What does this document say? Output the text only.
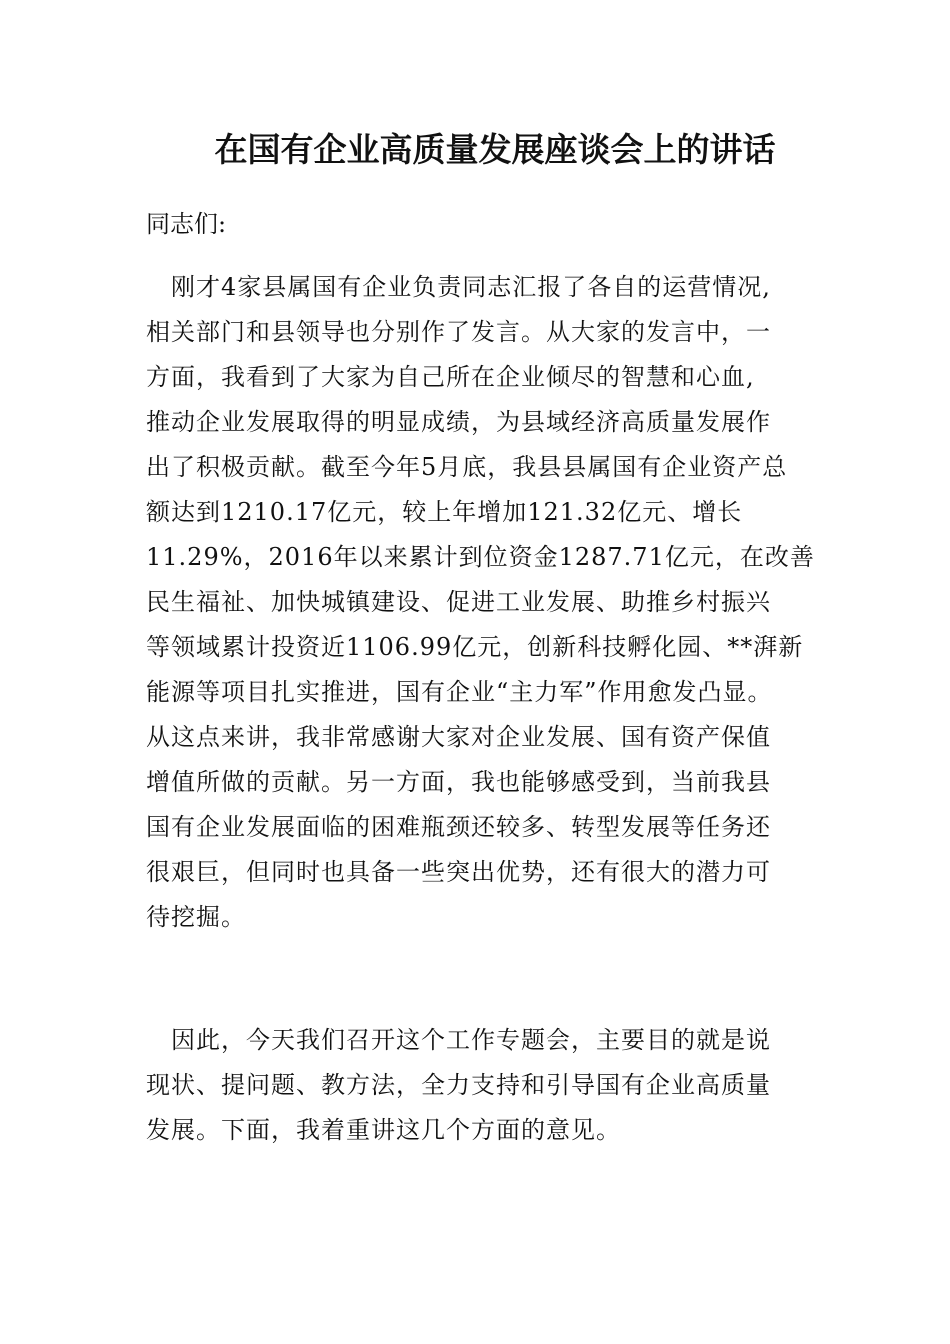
在国有企业高质量发展座谈会上的讲话
同志们:
　刚才4家县属国有企业负责同志汇报了各自的运营情况,
相关部门和县领导也分别作了发言。从大家的发言中，一
方面，我看到了大家为自己所在企业倾尽的智慧和心血,
推动企业发展取得的明显成绩，为县域经济高质量发展作
出了积极贡献。截至今年5月底，我县县属国有企业资产总
额达到1210.17亿元，较上年增加121.32亿元、增长
11.29%，2016年以来累计到位资金1287.71亿元，在改善
民生福祉、加快城镇建设、促进工业发展、助推乡村振兴
等领域累计投资近1106.99亿元，创新科技孵化园、**湃新
能源等项目扎实推进，国有企业“主力军”作用愈发凸显。
从这点来讲，我非常感谢大家对企业发展、国有资产保值
增值所做的贡献。另一方面，我也能够感受到，当前我县
国有企业发展面临的困难瓶颈还较多、转型发展等任务还
很艰巨，但同时也具备一些突出优势，还有很大的潜力可
待挖掘。
　因此，今天我们召开这个工作专题会，主要目的就是说
现状、提问题、教方法，全力支持和引导国有企业高质量
发展。下面，我着重讲这几个方面的意见。
